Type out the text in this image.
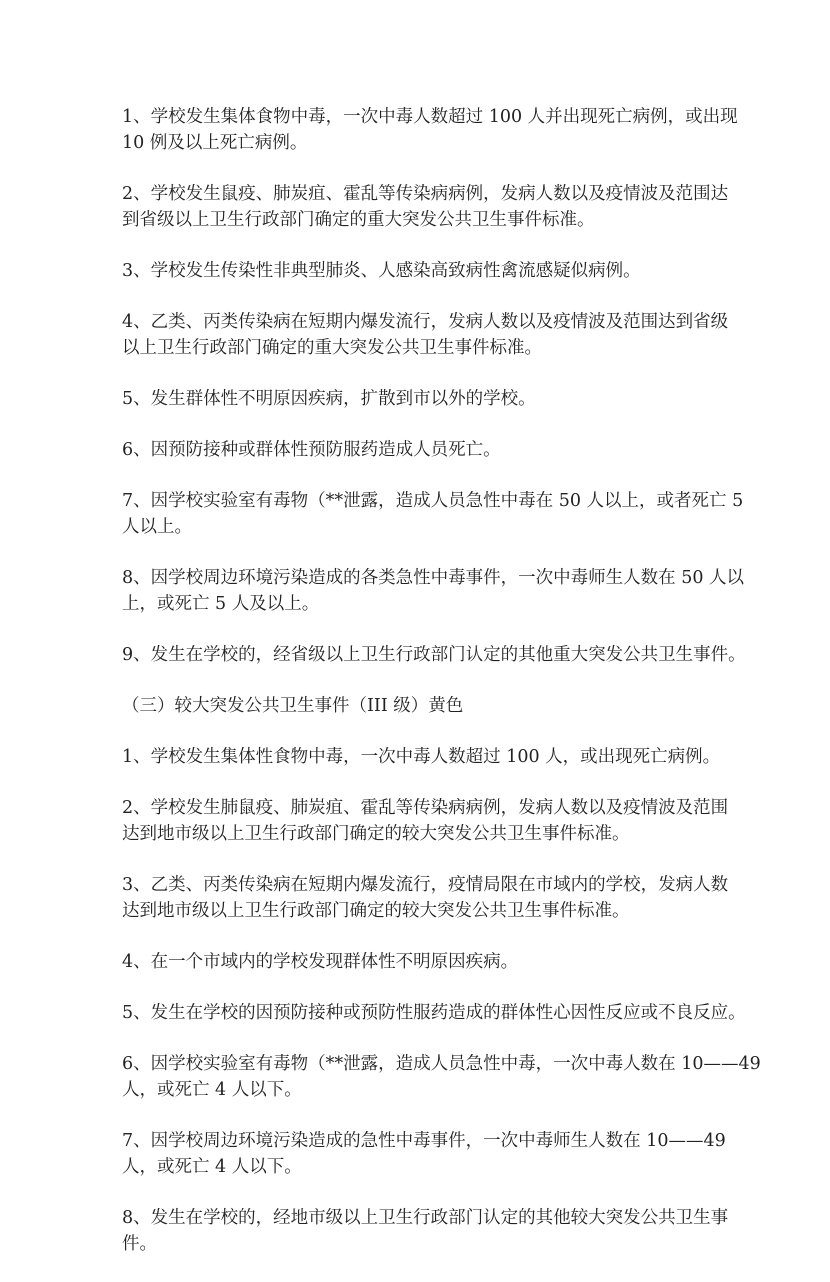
1、学校发生集体食物中毒，一次中毒人数超过 100 人并出现死亡病例，或出现
10 例及以上死亡病例。
2、学校发生鼠疫、肺炭疽、霍乱等传染病病例，发病人数以及疫情波及范围达
到省级以上卫生行政部门确定的重大突发公共卫生事件标准。
3、学校发生传染性非典型肺炎、人感染高致病性禽流感疑似病例。
4、乙类、丙类传染病在短期内爆发流行，发病人数以及疫情波及范围达到省级
以上卫生行政部门确定的重大突发公共卫生事件标准。
5、发生群体性不明原因疾病，扩散到市以外的学校。
6、因预防接种或群体性预防服药造成人员死亡。
7、因学校实验室有毒物（**泄露，造成人员急性中毒在 50 人以上，或者死亡 5
人以上。
8、因学校周边环境污染造成的各类急性中毒事件，一次中毒师生人数在 50 人以
上，或死亡 5 人及以上。
9、发生在学校的，经省级以上卫生行政部门认定的其他重大突发公共卫生事件。
（三）较大突发公共卫生事件（III 级）黄色
1、学校发生集体性食物中毒，一次中毒人数超过 100 人，或出现死亡病例。
2、学校发生肺鼠疫、肺炭疽、霍乱等传染病病例，发病人数以及疫情波及范围
达到地市级以上卫生行政部门确定的较大突发公共卫生事件标准。
3、乙类、丙类传染病在短期内爆发流行，疫情局限在市域内的学校，发病人数
达到地市级以上卫生行政部门确定的较大突发公共卫生事件标准。
4、在一个市域内的学校发现群体性不明原因疾病。
5、发生在学校的因预防接种或预防性服药造成的群体性心因性反应或不良反应。
6、因学校实验室有毒物（**泄露，造成人员急性中毒，一次中毒人数在 10——49
人，或死亡 4 人以下。
7、因学校周边环境污染造成的急性中毒事件，一次中毒师生人数在 10——49
人，或死亡 4 人以下。
8、发生在学校的，经地市级以上卫生行政部门认定的其他较大突发公共卫生事
件。
